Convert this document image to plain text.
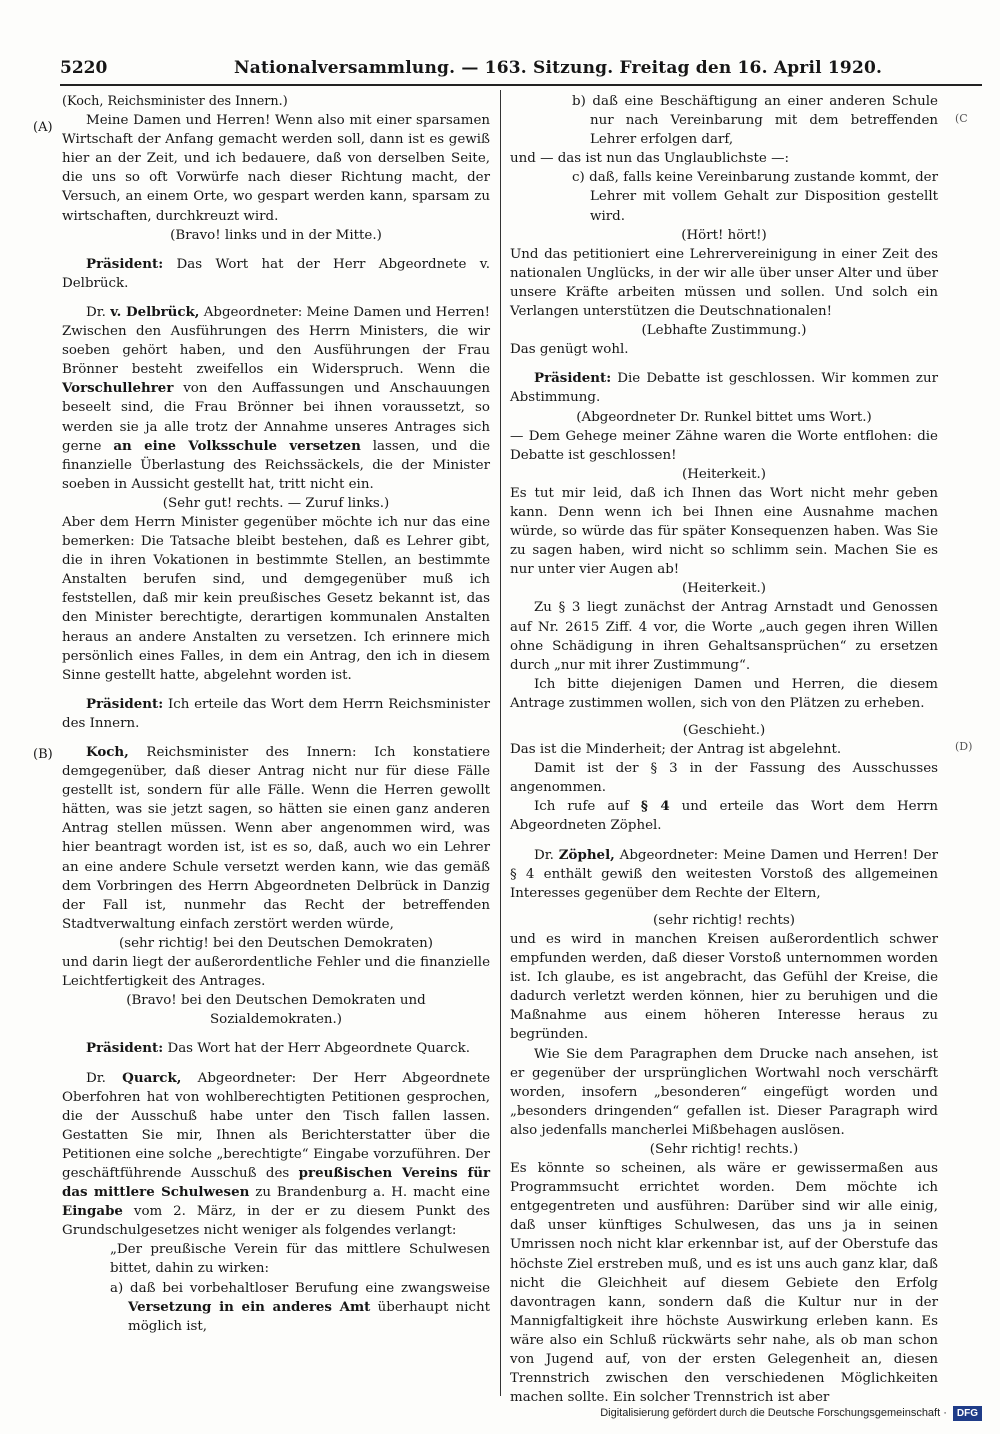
5220	Nationalversammlung. — 163. Sitzung. Freitag den 16. April 1920.
(A)
(B)
(C
(D)

(Koch, Reichsminister des Innern.)

Meine Damen und Herren! Wenn also mit einer sparsamen Wirtschaft der Anfang gemacht werden soll, dann ist es gewiß hier an der Zeit, und ich bedauere, daß von derselben Seite, die uns so oft Vorwürfe nach dieser Richtung macht, der Versuch, an einem Orte, wo gespart werden kann, sparsam zu wirtschaften, durchkreuzt wird.

(Bravo! links und in der Mitte.)

Präsident: Das Wort hat der Herr Abgeordnete v. Delbrück.

Dr. v. Delbrück, Abgeordneter: Meine Damen und Herren! Zwischen den Ausführungen des Herrn Ministers, die wir soeben gehört haben, und den Ausführungen der Frau Brönner besteht zweifellos ein Widerspruch. Wenn die Vorschullehrer von den Auffassungen und Anschauungen beseelt sind, die Frau Brönner bei ihnen voraussetzt, so werden sie ja alle trotz der Annahme unseres Antrages sich gerne an eine Volksschule versetzen lassen, und die finanzielle Überlastung des Reichssäckels, die der Minister soeben in Aussicht gestellt hat, tritt nicht ein.

(Sehr gut! rechts. — Zuruf links.)

Aber dem Herrn Minister gegenüber möchte ich nur das eine bemerken: Die Tatsache bleibt bestehen, daß es Lehrer gibt, die in ihren Vokationen in bestimmte Stellen, an bestimmte Anstalten berufen sind, und demgegenüber muß ich feststellen, daß mir kein preußisches Gesetz bekannt ist, das den Minister berechtigte, derartigen kommunalen Anstalten heraus an andere Anstalten zu versetzen. Ich erinnere mich persönlich eines Falles, in dem ein Antrag, den ich in diesem Sinne gestellt hatte, abgelehnt worden ist.

Präsident: Ich erteile das Wort dem Herrn Reichsminister des Innern.

Koch, Reichsminister des Innern: Ich konstatiere demgegenüber, daß dieser Antrag nicht nur für diese Fälle gestellt ist, sondern für alle Fälle. Wenn die Herren gewollt hätten, was sie jetzt sagen, so hätten sie einen ganz anderen Antrag stellen müssen. Wenn aber angenommen wird, was hier beantragt worden ist, ist es so, daß, auch wo ein Lehrer an eine andere Schule versetzt werden kann, wie das gemäß dem Vorbringen des Herrn Abgeordneten Delbrück in Danzig der Fall ist, nunmehr das Recht der betreffenden Stadtverwaltung einfach zerstört werden würde,

(sehr richtig! bei den Deutschen Demokraten)

und darin liegt der außerordentliche Fehler und die finanzielle Leichtfertigkeit des Antrages.

(Bravo! bei den Deutschen Demokraten und Sozialdemokraten.)

Präsident: Das Wort hat der Herr Abgeordnete Quarck.

Dr. Quarck, Abgeordneter: Der Herr Abgeordnete Oberfohren hat von wohlberechtigten Petitionen gesprochen, die der Ausschuß habe unter den Tisch fallen lassen. Gestatten Sie mir, Ihnen als Berichterstatter über die Petitionen eine solche „berechtigte“ Eingabe vorzuführen. Der geschäftführende Ausschuß des preußischen Vereins für das mittlere Schulwesen zu Brandenburg a. H. macht eine Eingabe vom 2. März, in der er zu diesem Punkt des Grundschulgesetzes nicht weniger als folgendes verlangt:

„Der preußische Verein für das mittlere Schulwesen bittet, dahin zu wirken:

a) daß bei vorbehaltloser Berufung eine zwangsweise Versetzung in ein anderes Amt überhaupt nicht möglich ist,

b) daß eine Beschäftigung an einer anderen Schule nur nach Vereinbarung mit dem betreffenden Lehrer erfolgen darf,

und — das ist nun das Unglaublichste —:

c) daß, falls keine Vereinbarung zustande kommt, der Lehrer mit vollem Gehalt zur Disposition gestellt wird.

(Hört! hört!)

Und das petitioniert eine Lehrervereinigung in einer Zeit des nationalen Unglücks, in der wir alle über unser Alter und über unsere Kräfte arbeiten müssen und sollen. Und solch ein Verlangen unterstützen die Deutschnationalen!

(Lebhafte Zustimmung.)

Das genügt wohl.

Präsident: Die Debatte ist geschlossen. Wir kommen zur Abstimmung.

(Abgeordneter Dr. Runkel bittet ums Wort.)

— Dem Gehege meiner Zähne waren die Worte entflohen: die Debatte ist geschlossen!

(Heiterkeit.)

Es tut mir leid, daß ich Ihnen das Wort nicht mehr geben kann. Denn wenn ich bei Ihnen eine Ausnahme machen würde, so würde das für später Konsequenzen haben. Was Sie zu sagen haben, wird nicht so schlimm sein. Machen Sie es nur unter vier Augen ab!

(Heiterkeit.)

Zu § 3 liegt zunächst der Antrag Arnstadt und Genossen auf Nr. 2615 Ziff. 4 vor, die Worte „auch gegen ihren Willen ohne Schädigung in ihren Gehaltsansprüchen“ zu ersetzen durch „nur mit ihrer Zustimmung“.

Ich bitte diejenigen Damen und Herren, die diesem Antrage zustimmen wollen, sich von den Plätzen zu erheben.

(Geschieht.)

Das ist die Minderheit; der Antrag ist abgelehnt.

Damit ist der § 3 in der Fassung des Ausschusses angenommen.

Ich rufe auf § 4 und erteile das Wort dem Herrn Abgeordneten Zöphel.

Dr. Zöphel, Abgeordneter: Meine Damen und Herren! Der § 4 enthält gewiß den weitesten Vorstoß des allgemeinen Interesses gegenüber dem Rechte der Eltern,

(sehr richtig! rechts)

und es wird in manchen Kreisen außerordentlich schwer empfunden werden, daß dieser Vorstoß unternommen worden ist. Ich glaube, es ist angebracht, das Gefühl der Kreise, die dadurch verletzt werden können, hier zu beruhigen und die Maßnahme aus einem höheren Interesse heraus zu begründen.

Wie Sie dem Paragraphen dem Drucke nach ansehen, ist er gegenüber der ursprünglichen Wortwahl noch verschärft worden, insofern „besonderen“ eingefügt worden und „besonders dringenden“ gefallen ist. Dieser Paragraph wird also jedenfalls mancherlei Mißbehagen auslösen.

(Sehr richtig! rechts.)

Es könnte so scheinen, als wäre er gewissermaßen aus Programmsucht errichtet worden. Dem möchte ich entgegentreten und ausführen: Darüber sind wir alle einig, daß unser künftiges Schulwesen, das uns ja in seinen Umrissen noch nicht klar erkennbar ist, auf der Oberstufe das höchste Ziel erstreben muß, und es ist uns auch ganz klar, daß nicht die Gleichheit auf diesem Gebiete den Erfolg davontragen kann, sondern daß die Kultur nur in der Mannigfaltigkeit ihre höchste Auswirkung erleben kann. Es wäre also ein Schluß rückwärts sehr nahe, als ob man schon von Jugend auf, von der ersten Gelegenheit an, diesen Trennstrich zwischen den verschiedenen Möglichkeiten machen sollte. Ein solcher Trennstrich ist aber

Digitalisierung gefördert durch die Deutsche Forschungsgemeinschaft ·	DFG
